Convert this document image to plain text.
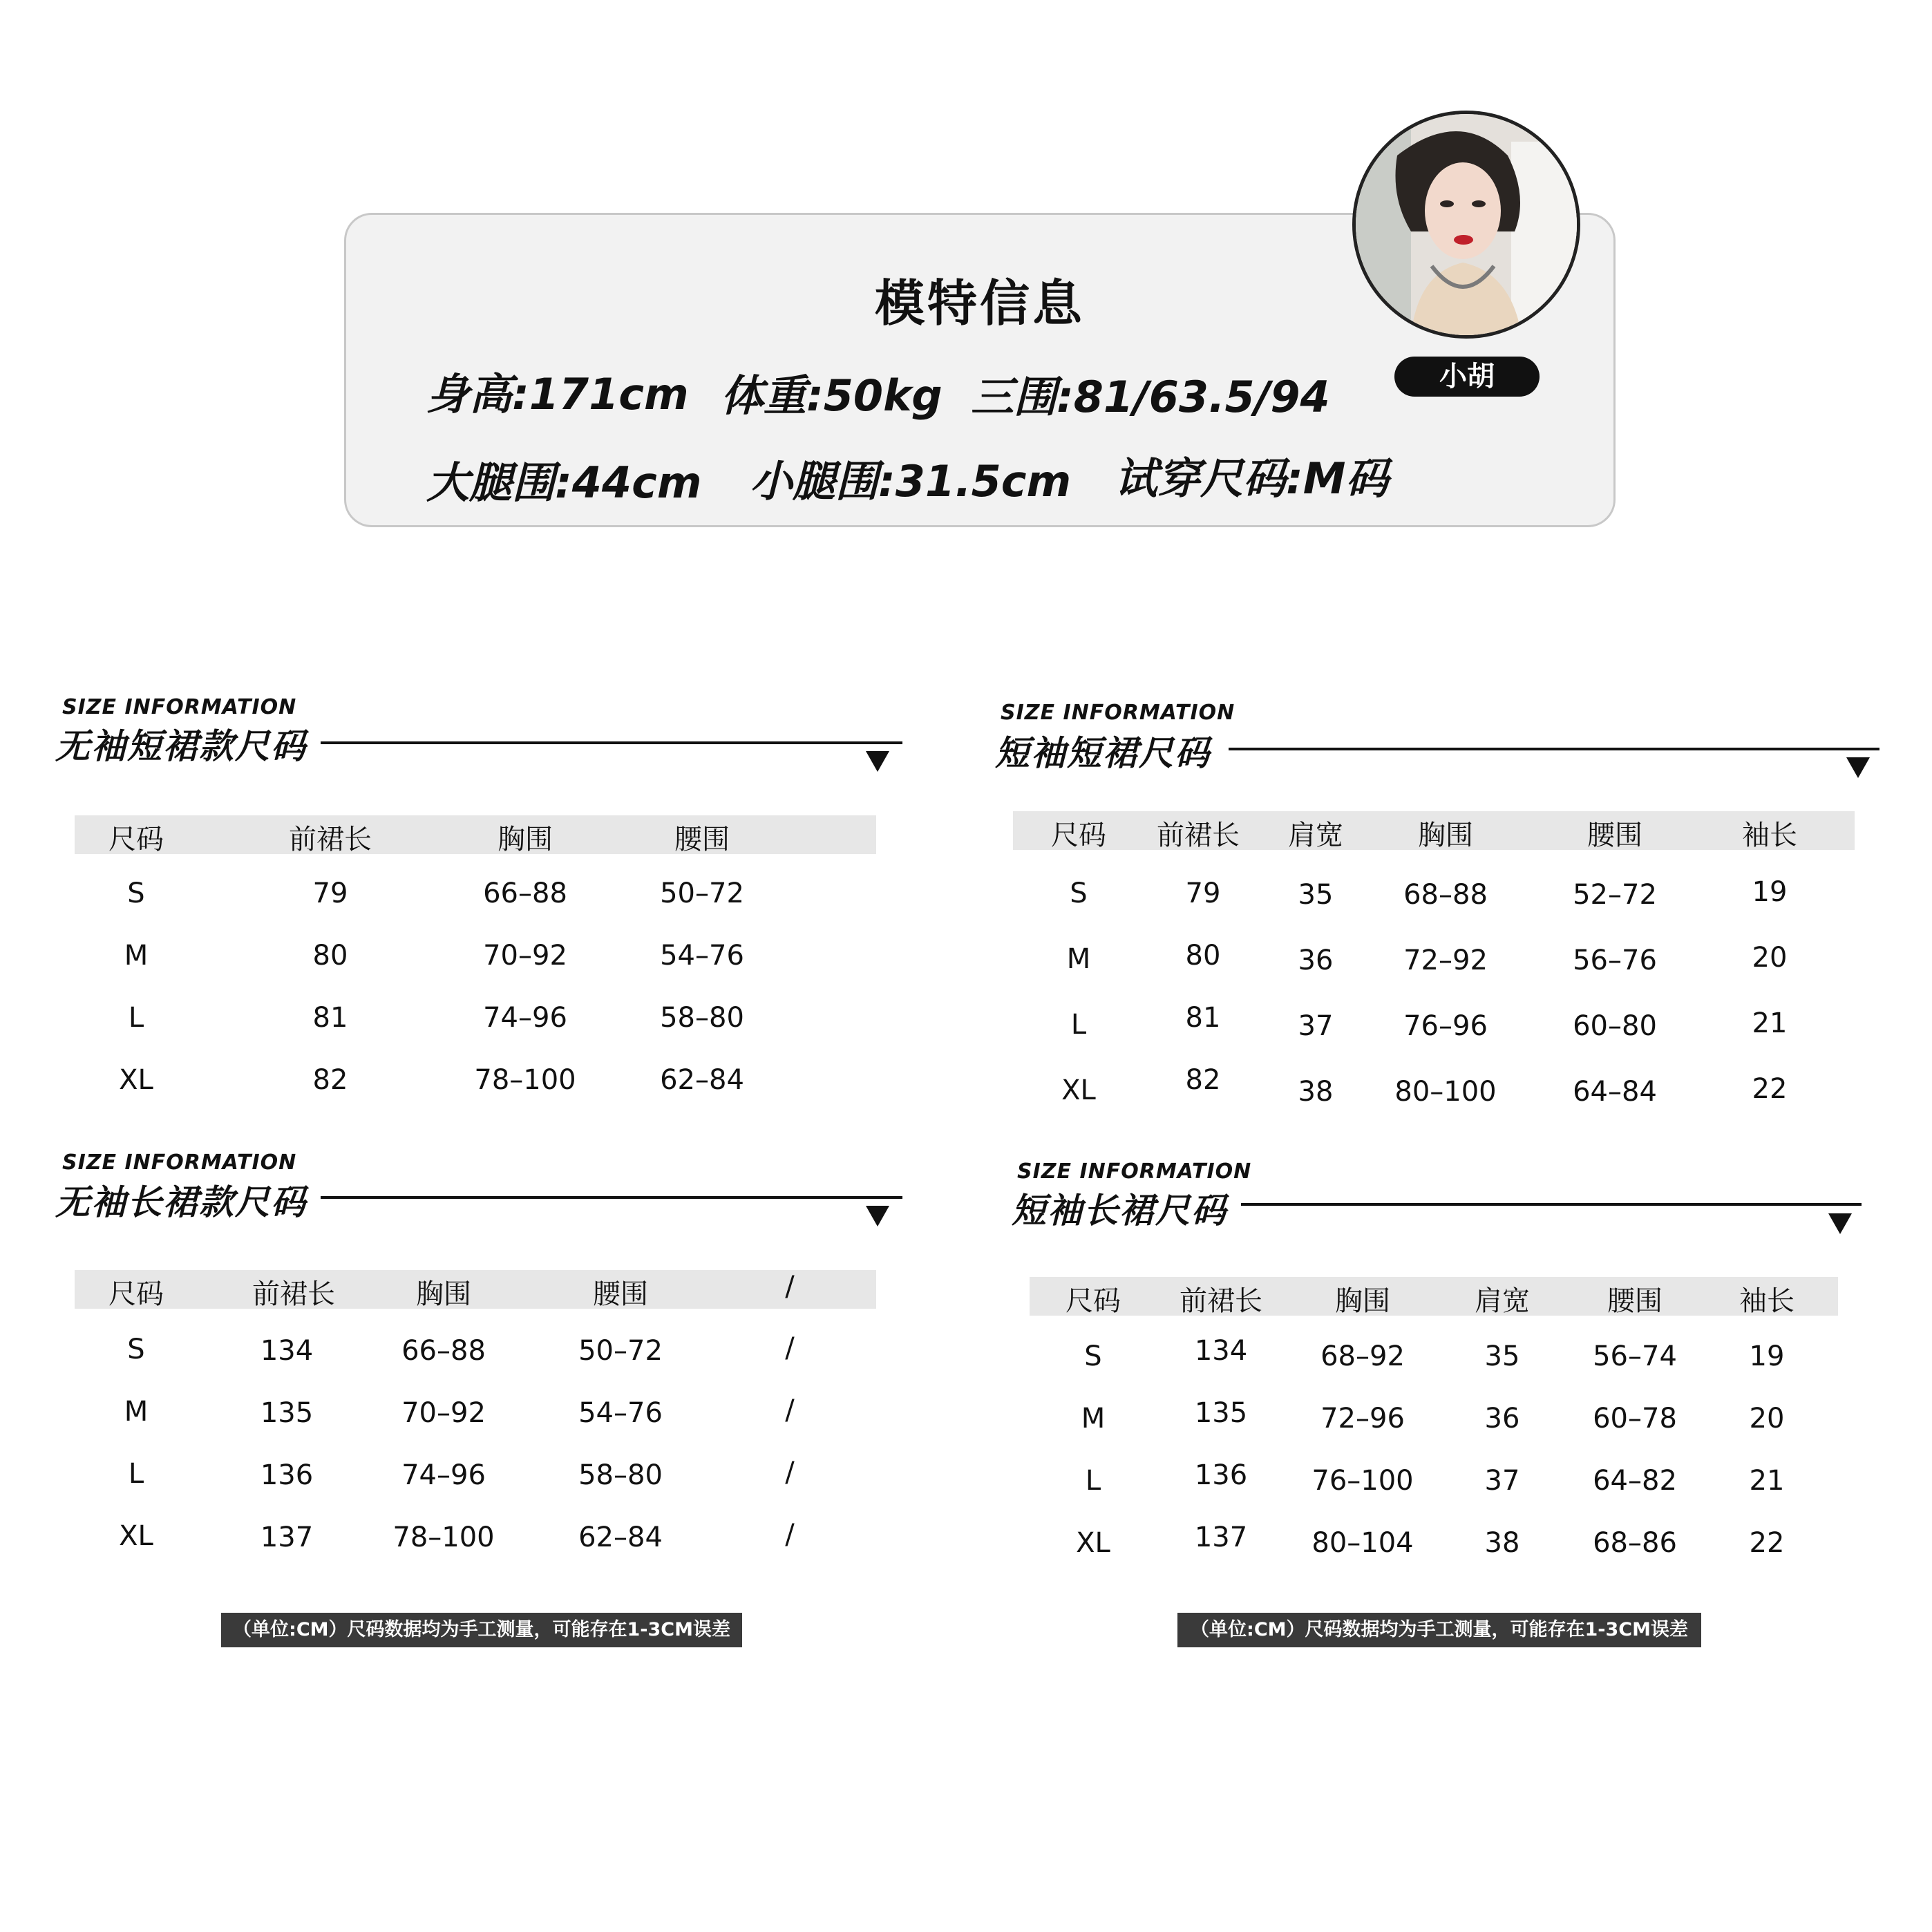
模特信息
身高:171cm 体重:50kg 三围:81/63.5/94
大腿围:44cm 小腿围:31.5cm 试穿尺码:M码
小胡
SIZE INFORMATION
无袖短裙款尺码
尺码	前裙长	胸围	腰围
S	79	66–88	50–72
M	80	70–92	54–76
L	81	74–96	58–80
XL	82	78–100	62–84
SIZE INFORMATION
短袖短裙尺码
尺码 前裙长 肩宽	胸围	腰围	袖长
S	79	35	68–88	52–72	19
M	80	36	72–92	56–76	20
L	81	37	76–96	60–80	21
XL	82	38 80–100	64–84	22
SIZE INFORMATION
无袖长裙款尺码
尺码	前裙长	胸围	腰围	/
S	134	66–88	50–72	/
M	135	70–92	54–76	/
L	136	74–96	58–80	/
XL	137	78–100	62–84	/
SIZE INFORMATION
短袖长裙尺码
尺码 前裙长	胸围	肩宽	腰围	袖长
S	134	68–92	35	56–74	19
M	135	72–96	36	60–78	20
L	136 76–100	37	64–82	21
XL	137 80–104	38	68–86	22
（单位:CM）尺码数据均为手工测量，可能存在1-3CM误差	（单位:CM）尺码数据均为手工测量，可能存在1-3CM误差
